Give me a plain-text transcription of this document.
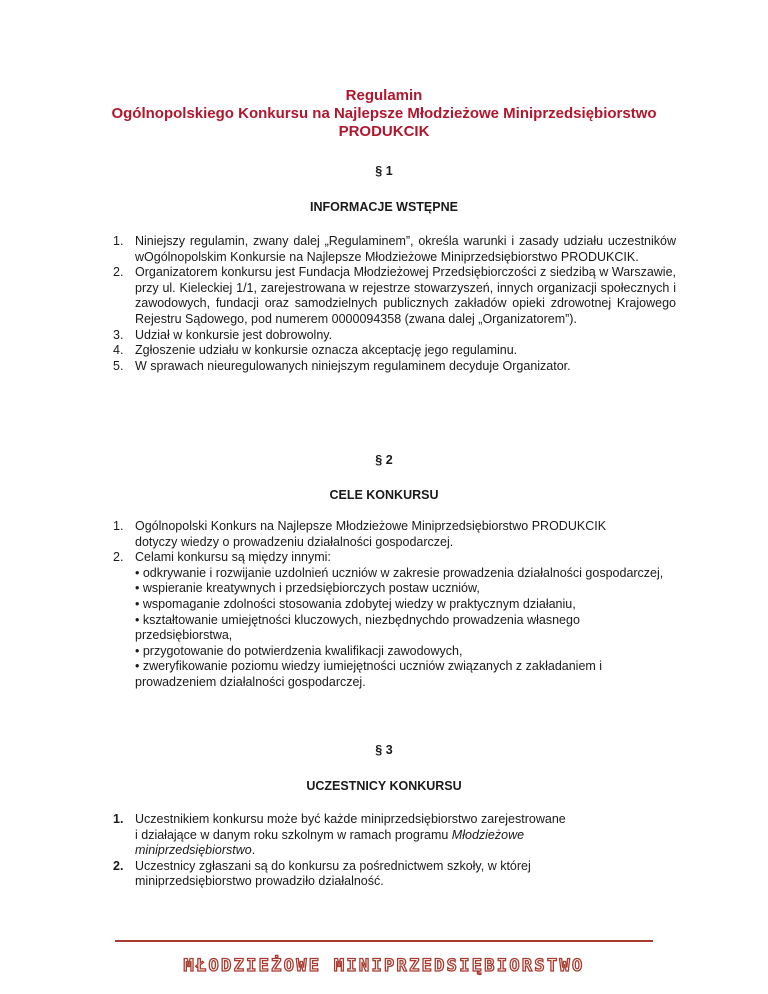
Regulamin
Ogólnopolskiego Konkursu na Najlepsze Młodzieżowe Miniprzedsiębiorstwo
PRODUKCIK
§ 1
INFORMACJE WSTĘPNE
1. Niniejszy regulamin, zwany dalej „Regulaminem”, określa warunki i zasady udziału uczestników wOgólnopolskim Konkursie na Najlepsze Młodzieżowe Miniprzedsiębiorstwo PRODUKCIK.
2. Organizatorem konkursu jest Fundacja Młodzieżowej Przedsiębiorczości z siedzibą w Warszawie, przy ul. Kieleckiej 1/1, zarejestrowana w rejestrze stowarzyszeń, innych organizacji społecznych i zawodowych, fundacji oraz samodzielnych publicznych zakładów opieki zdrowotnej Krajowego Rejestru Sądowego, pod numerem 0000094358 (zwana dalej „Organizatorem”).
3. Udział w konkursie jest dobrowolny.
4. Zgłoszenie udziału w konkursie oznacza akceptację jego regulaminu.
5. W sprawach nieuregulowanych niniejszym regulaminem decyduje Organizator.
§ 2
CELE KONKURSU
1. Ogólnopolski Konkurs na Najlepsze Młodzieżowe Miniprzedsiębiorstwo PRODUKCIK
dotyczy wiedzy o prowadzeniu działalności gospodarczej.
2. Celami konkursu są między innymi:
• odkrywanie i rozwijanie uzdolnień uczniów w zakresie prowadzenia działalności gospodarczej,
• wspieranie kreatywnych i przedsiębiorczych postaw uczniów,
• wspomaganie zdolności stosowania zdobytej wiedzy w praktycznym działaniu,
• kształtowanie umiejętności kluczowych, niezbędnychdo prowadzenia własnego przedsiębiorstwa,
• przygotowanie do potwierdzenia kwalifikacji zawodowych,
• zweryfikowanie poziomu wiedzy iumiejętności uczniów związanych z zakładaniem i prowadzeniem działalności gospodarczej.
§ 3
UCZESTNICY KONKURSU
1. Uczestnikiem konkursu może być każde miniprzedsiębiorstwo zarejestrowane
i działające w danym roku szkolnym w ramach programu Młodzieżowe
miniprzedsiębiorstwo.
2. Uczestnicy zgłaszani są do konkursu za pośrednictwem szkoły, w której
miniprzedsiębiorstwo prowadziło działalność.
MŁODZIEŻOWE MINIPRZEDSIĘBIORSTWO
